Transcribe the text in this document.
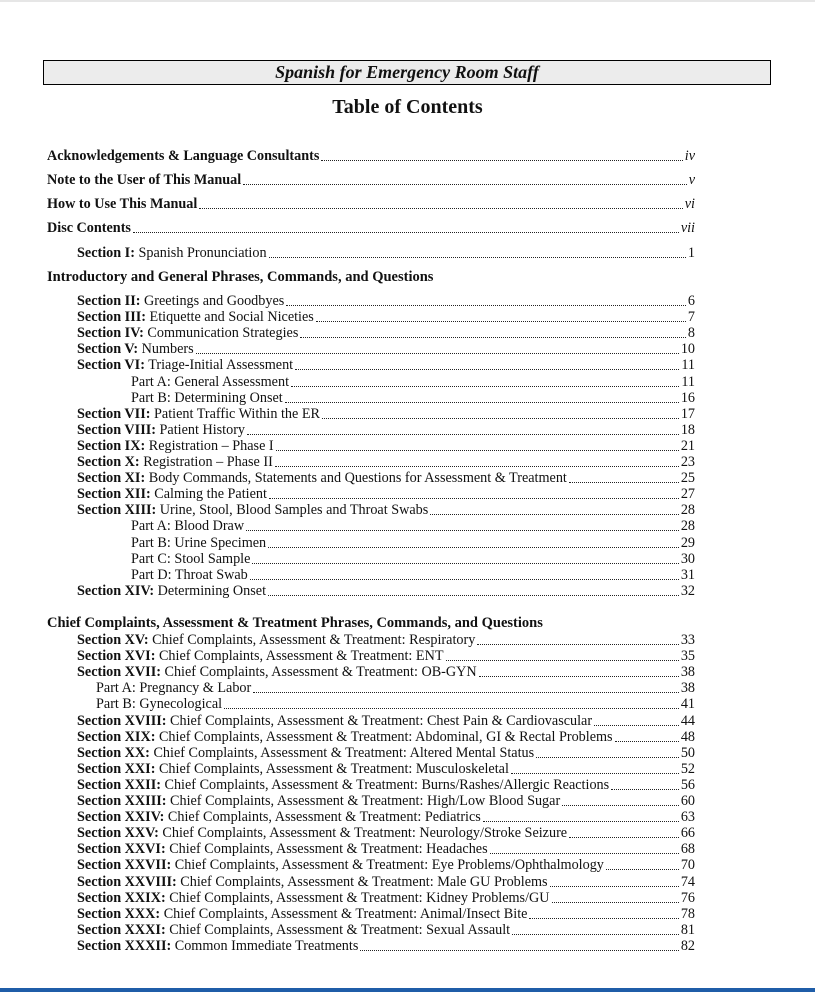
Spanish for Emergency Room Staff
Table of Contents
Introductory and General Phrases, Commands, and Questions
Chief Complaints, Assessment & Treatment Phrases, Commands, and Questions
Acknowledgements & Language Consultants	iv
Note to the User of This Manual	v
How to Use This Manual	vi
Disc Contents	vii
Section I: Spanish Pronunciation	1
Section II: Greetings and Goodbyes	6
Section III: Etiquette and Social Niceties	7
Section IV: Communication Strategies	8
Section V: Numbers	10
Section VI: Triage-Initial Assessment	11
Part A: General Assessment	11
Part B: Determining Onset	16
Section VII: Patient Traffic Within the ER	17
Section VIII: Patient History	18
Section IX: Registration – Phase I	21
Section X: Registration – Phase II	23
Section XI: Body Commands, Statements and Questions for Assessment & Treatment	25
Section XII: Calming the Patient	27
Section XIII: Urine, Stool, Blood Samples and Throat Swabs	28
Part A: Blood Draw	28
Part B: Urine Specimen	29
Part C: Stool Sample	30
Part D: Throat Swab	31
Section XIV: Determining Onset	32
Section XV: Chief Complaints, Assessment & Treatment: Respiratory	33
Section XVI: Chief Complaints, Assessment & Treatment: ENT	35
Section XVII: Chief Complaints, Assessment & Treatment: OB-GYN	38
Part A: Pregnancy & Labor	38
Part B: Gynecological	41
Section XVIII: Chief Complaints, Assessment & Treatment: Chest Pain & Cardiovascular	44
Section XIX: Chief Complaints, Assessment & Treatment: Abdominal, GI & Rectal Problems	48
Section XX: Chief Complaints, Assessment & Treatment: Altered Mental Status	50
Section XXI: Chief Complaints, Assessment & Treatment: Musculoskeletal	52
Section XXII: Chief Complaints, Assessment & Treatment: Burns/Rashes/Allergic Reactions	56
Section XXIII: Chief Complaints, Assessment & Treatment: High/Low Blood Sugar	60
Section XXIV: Chief Complaints, Assessment & Treatment: Pediatrics	63
Section XXV: Chief Complaints, Assessment & Treatment: Neurology/Stroke Seizure	66
Section XXVI: Chief Complaints, Assessment & Treatment: Headaches	68
Section XXVII: Chief Complaints, Assessment & Treatment: Eye Problems/Ophthalmology	70
Section XXVIII: Chief Complaints, Assessment & Treatment: Male GU Problems	74
Section XXIX: Chief Complaints, Assessment & Treatment: Kidney Problems/GU	76
Section XXX: Chief Complaints, Assessment & Treatment: Animal/Insect Bite	78
Section XXXI: Chief Complaints, Assessment & Treatment: Sexual Assault	81
Section XXXII: Common Immediate Treatments	82
